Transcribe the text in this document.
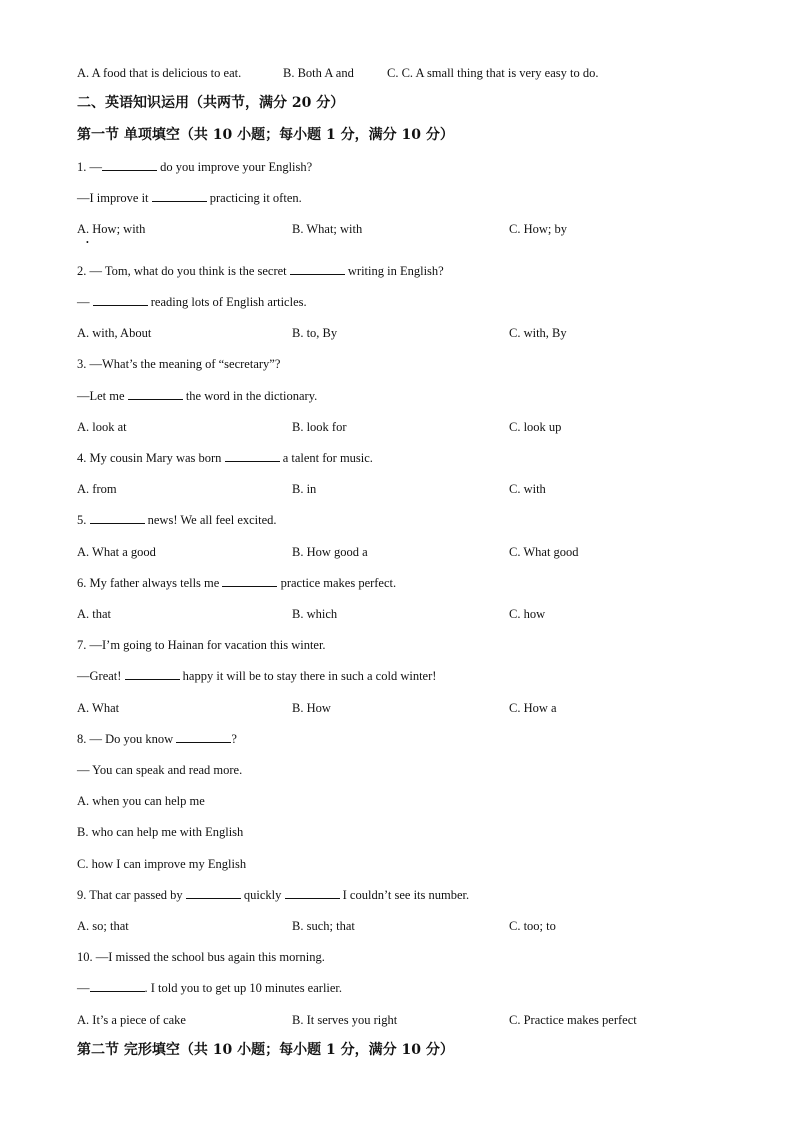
A. A food that is delicious to eat.	B. Both A and	C. C. A small thing that is very easy to do.
二、英语知识运用（共两节，满分 20 分）
第一节 单项填空（共 10 小题；每小题 1 分，满分 10 分）
1. —	do you improve your English?
—I improve it	practicing it often.
A. How; with	B. What; with	C. How; by
•
2. — Tom, what do you think is the secret	writing in English?
—	reading lots of English articles.
A. with, About	B. to, By	C. with, By
3. —What’s the meaning of “secretary”?
—Let me	the word in the dictionary.
A. look at	B. look for	C. look up
4. My cousin Mary was born	a talent for music.
A. from	B. in	C. with
5.	news! We all feel excited.
A. What a good	B. How good a	C. What good
6. My father always tells me	practice makes perfect.
A. that	B. which	C. how
7. —I’m going to Hainan for vacation this winter.
—Great!	happy it will be to stay there in such a cold winter!
A. What	B. How	C. How a
8. — Do you know	?
— You can speak and read more.
A. when you can help me
B. who can help me with English
C. how I can improve my English
9. That car passed by	quickly	I couldn’t see its number.
A. so; that	B. such; that	C. too; to
10. —I missed the school bus again this morning.
—	. I told you to get up 10 minutes earlier.
A. It’s a piece of cake	B. It serves you right	C. Practice makes perfect
第二节 完形填空（共 10 小题；每小题 1 分，满分 10 分）
